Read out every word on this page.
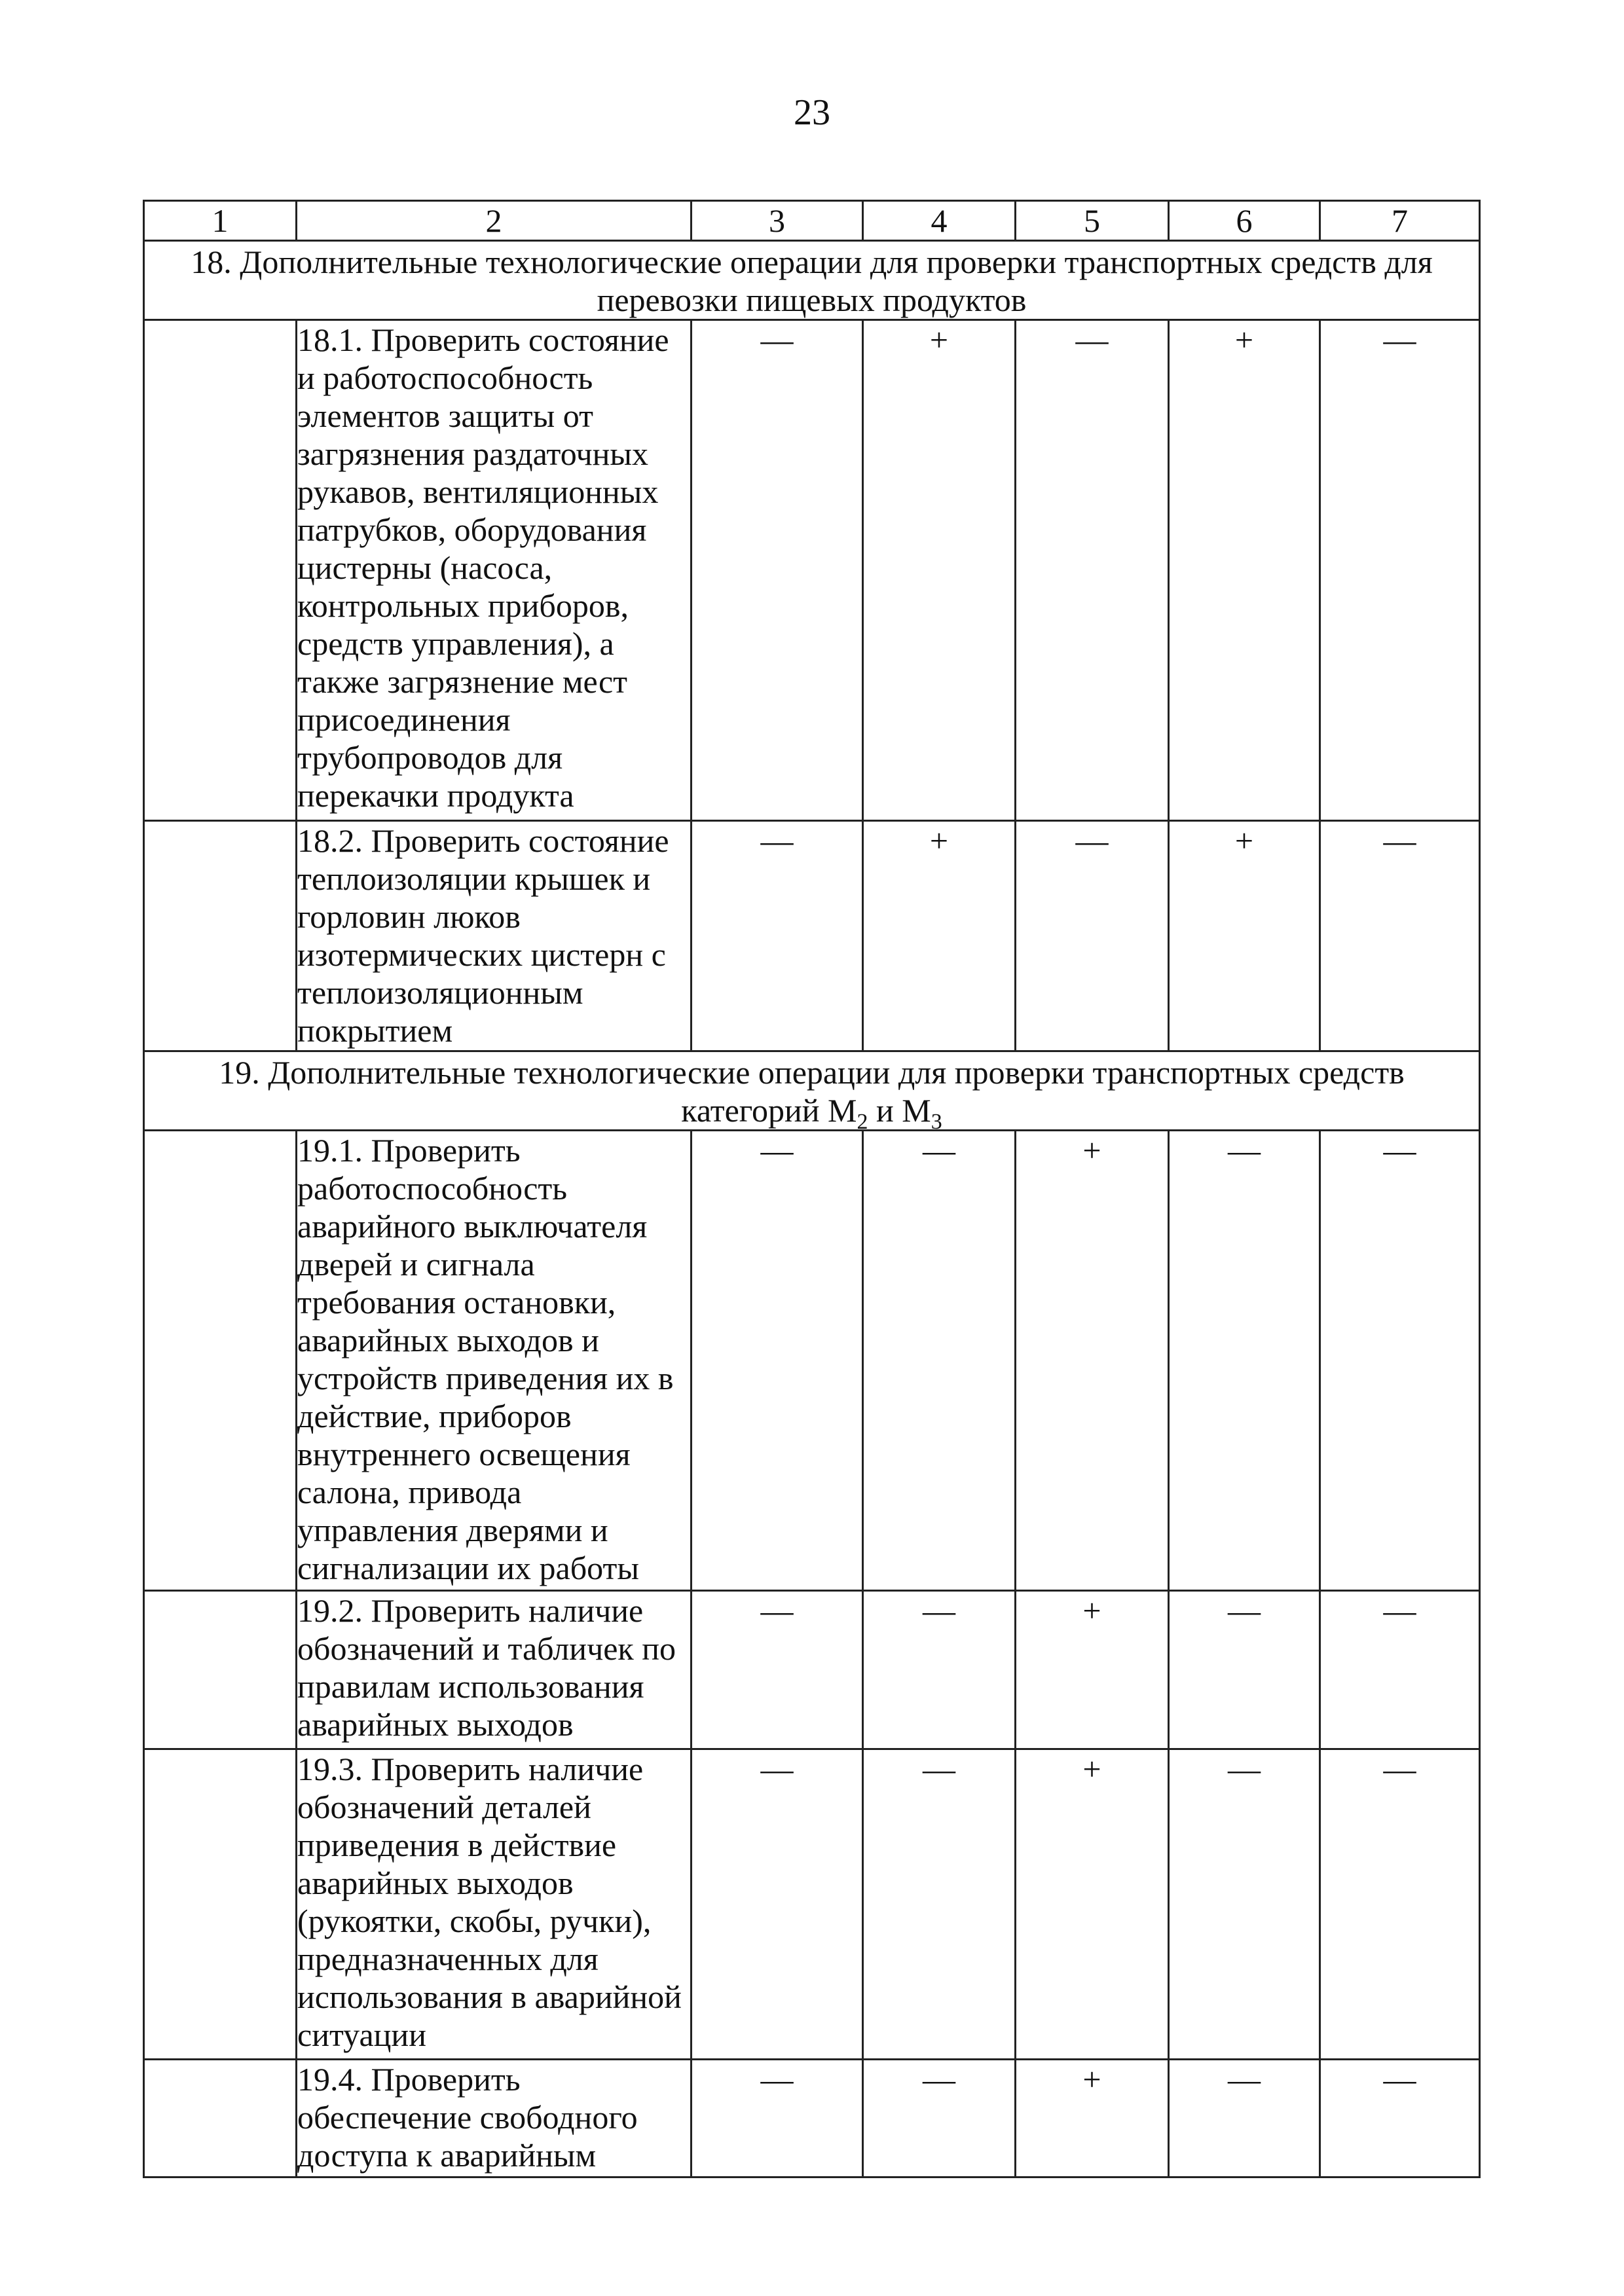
23
1	2	3	4	5	6	7
18. Дополнительные технологические операции для проверки транспортных средств для перевозки пищевых продуктов						
	18.1. Проверить состояние и работоспособность элементов защиты от загрязнения раздаточных рукавов, вентиляционных патрубков, оборудования цистерны (насоса, контрольных приборов, средств управления), а также загрязнение мест присоединения трубопроводов для перекачки продукта	—	+	—	+	—
	18.2. Проверить состояние теплоизоляции крышек и горловин люков изотермических цистерн с теплоизоляционным покрытием	—	+	—	+	—
19. Дополнительные технологические операции для проверки транспортных средств категорий $М_2$ и $М_3$
	19.1. Проверить работоспособность аварийного выключателя дверей и сигнала требования остановки, аварийных выходов и устройств приведения их в действие, приборов внутреннего освещения салона, привода управления дверями и сигнализации их работы	—	—	+	—	—
	19.2. Проверить наличие обозначений и табличек по правилам использования аварийных выходов	—	—	+	—	—
	19.3. Проверить наличие обозначений деталей приведения в действие аварийных выходов (рукоятки, скобы, ручки), предназначенных для использования в аварийной ситуации	—	—	+	—	—
	19.4. Проверить обеспечение свободного доступа к аварийным	—	—	+	—	—
